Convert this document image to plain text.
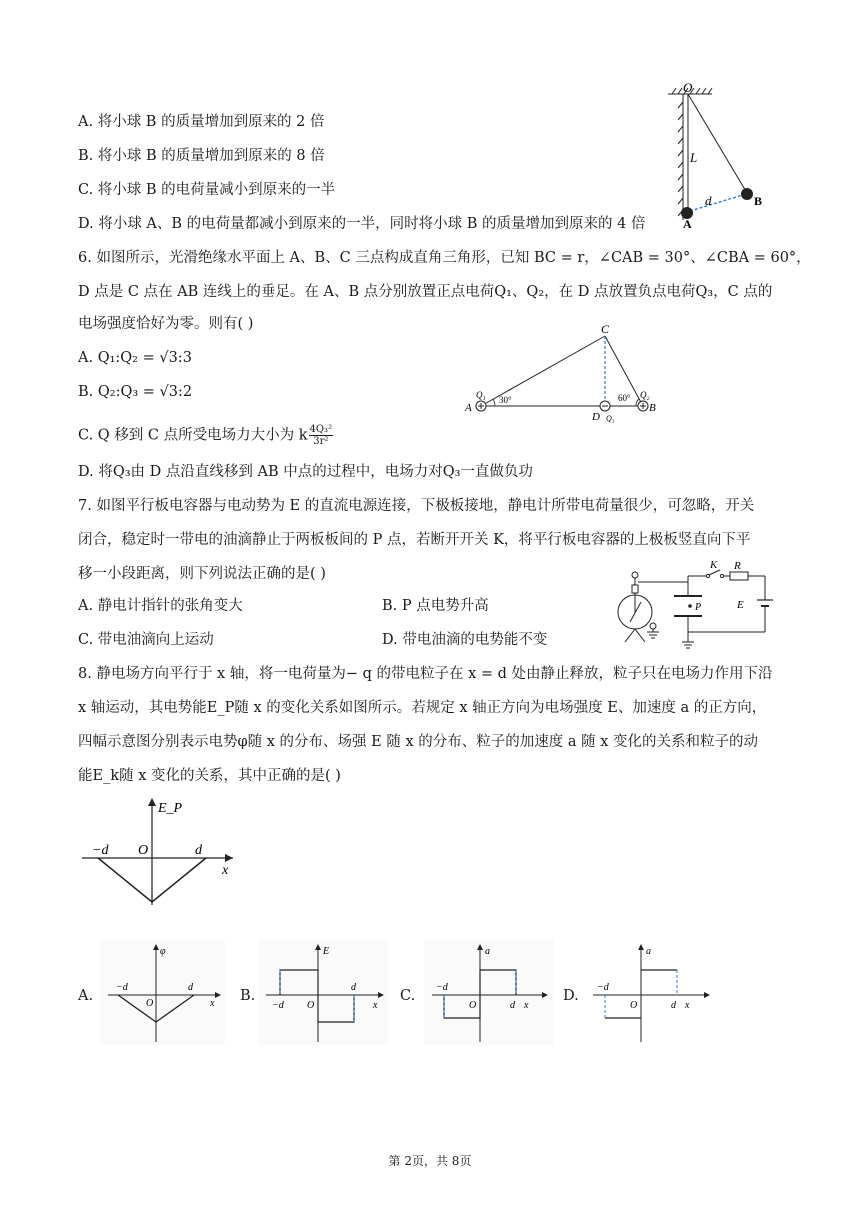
A. 将小球 B 的质量增加到原来的 2 倍
B. 将小球 B 的质量增加到原来的 8 倍
C. 将小球 B 的电荷量减小到原来的一半
D. 将小球 A、B 的电荷量都减小到原来的一半，同时将小球 B 的质量增加到原来的 4 倍
O
L
d
A
B
6. 如图所示，光滑绝缘水平面上 A、B、C 三点构成直角三角形，已知 BC = r，∠CAB = 30°、∠CBA = 60°，
D 点是 C 点在 AB 连线上的垂足。在 A、B 点分别放置正点电荷Q₁、Q₂，在 D 点放置负点电荷Q₃，C 点的
电场强度恰好为零。则有( )
A. Q₁:Q₂ = √3:3
B. Q₂:Q₃ = √3:2
C. Q 移到 C 点所受电场力大小为 k $\frac{\text{4Q₃²}}{\text{3r²}}$
D. 将Q₃由 D 点沿直线移到 AB 中点的过程中，电场力对Q₃一直做负功
C
A	B
D
Q₁	Q₂
Q₃
30°	60°
7. 如图平行板电容器与电动势为 E 的直流电源连接，下极板接地，静电计所带电荷量很少，可忽略，开关
闭合，稳定时一带电的油滴静止于两板板间的 P 点，若断开开关 K，将平行板电容器的上极板竖直向下平
移一小段距离，则下列说法正确的是( )
A. 静电计指针的张角变大	B. P 点电势升高
C. 带电油滴向上运动	D. 带电油滴的电势能不变
P
K R
E
8. 静电场方向平行于 x 轴，将一电荷量为− q 的带电粒子在 x = d 处由静止释放，粒子只在电场力作用下沿
x 轴运动，其电势能E_P随 x 的变化关系如图所示。若规定 x 轴正方向为电场强度 E、加速度 a 的正方向，
四幅示意图分别表示电势φ随 x 的分布、场强 E 随 x 的分布、粒子的加速度 a 随 x 变化的关系和粒子的动
能E_k随 x 变化的关系，其中正确的是( )
E_P
−d O	d
x
A.
φ
−d
O
d
x B.
E
−d O
d
x
C.
a
−d
O	d x
D.
a
−d
O	d x
第 2页，共 8页
